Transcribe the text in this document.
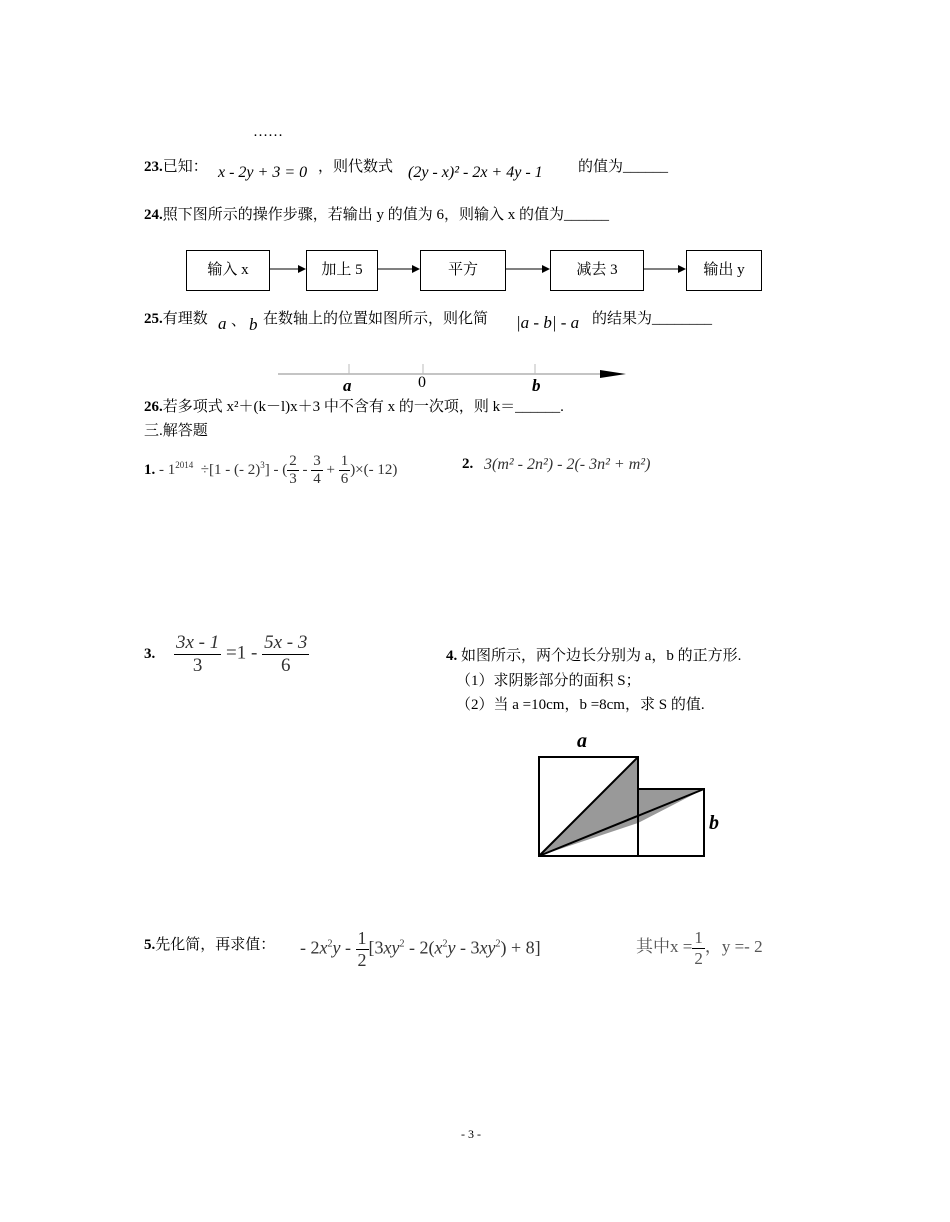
……
23.已知： x - 2y + 3 = 0 ，则代数式 (2y - x)² - 2x + 4y - 1 的值为______
24.照下图所示的操作步骤，若输出 y 的值为 6，则输入 x 的值为______
输入 x	加上 5	平方	减去 3	输出 y
25.有理数 a 、 b 在数轴上的位置如图所示，则化简 |a - b| - a 的结果为________
a	0	b
26.若多项式 x²＋(k－l)x＋3 中不含有 x 的一次项，则 k＝______.
三.解答题
1. - $1^{2014} \div[1$ - (- 2)$^3$] - ( $\frac{2}{3} - \frac{3}{4} + \frac{1}{6}$ )×(- 12)	2. 3(m² - 2n²) - 2(- 3n² + m²)
3. $\frac{3x - 1}{3} =1 - \frac{5x - 3}{6}$	4. 如图所示，两个边长分别为 a，b 的正方形.
（1）求阴影部分的面积 S；
（2）当 a =10cm，b =8cm，求 S 的值.
a
b
5.先化简，再求值： - $2x^2y - \frac{1}{2} [3xy^2 - 2(x^2y - 3xy^2) + 8]$	其中$x = \frac{1}{2}$ ，y =- 2
- 3 -
